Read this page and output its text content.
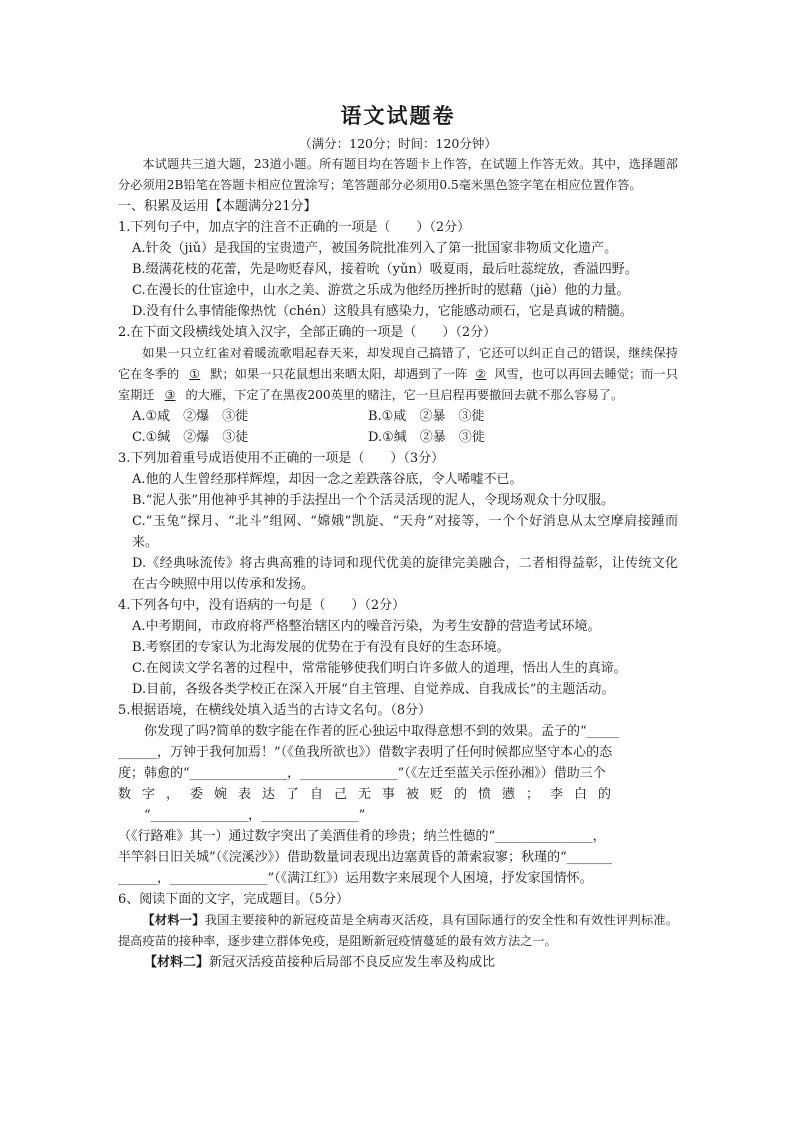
语文试题卷
（满分：120分；时间：120分钟）

本试题共三道大题，23道小题。所有题目均在答题卡上作答，在试题上作答无效。其中，选择题部分必须用2B铅笔在答题卡相应位置涂写；笔答题部分必须用0.5毫米黑色签字笔在相应位置作答。

一、积累及运用【本题满分21分】

1.下列句子中，加点字的注音不正确的一项是（　　）（2分）

A.针灸（jiǔ）是我国的宝贵遗产，被国务院批准列入了第一批国家非物质文化遗产。

B.缀满花枝的花蕾，先是吻贬春风，接着吮（yǔn）吸夏雨，最后吐蕊绽放，香溢四野。

C.在漫长的仕宦途中，山水之美、游赏之乐成为他经历挫折时的慰藉（jiè）他的力量。

D.没有什么事情能像热忱（chén）这般具有感染力，它能感动顽石，它是真诚的精髓。

2.在下面文段横线处填入汉字，全部正确的一项是（　　）（2分）

如果一只立红雀对着暖流歌唱起春天来，却发现自己搞错了，它还可以纠正自己的错误，继续保持它在冬季的 ① 默；如果一只花鼠想出来晒太阳，却遇到了一阵 ② 风雪，也可以再回去睡觉；而一只室期迁 ③ 的大雁，下定了在黑夜200英里的赌注，它一旦启程再要撤回去就不那么容易了。

A.①咸　②爆　③徙	B.①咸　②暴　③徙
C.①缄　②爆　③徒	D.①缄　②暴　③徙

3.下列加着重号成语使用不正确的一项是（　　）（3分）

A.他的人生曾经那样辉煌，却因一念之差跌落谷底，令人唏嘘不已。

B.“泥人张”用他神乎其神的手法捏出一个个活灵活现的泥人，令现场观众十分叹服。

C.“玉兔”探月、“北斗”组网、“嫦娥”凯旋、“天舟”对接等，一个个好消息从太空摩肩接踵而来。

D.《经典咏流传》将古典高雅的诗词和现代优美的旋律完美融合，二者相得益彰，让传统文化在古今映照中用以传承和发扬。

4.下列各句中，没有语病的一句是（　　）（2分）

A.中考期间，市政府将严格整治辖区内的噪音污染，为考生安静的营造考试环境。

B.考察团的专家认为北海发展的优势在于有没有良好的生态环境。

C.在阅读文学名著的过程中，常常能够使我们明白许多做人的道理，悟出人生的真谛。

D.目前，各级各类学校正在深入开展“自主管理、自觉养成、自我成长”的主题活动。

5.根据语境，在横线处填入适当的古诗文名句。（8分）

你发现了吗?简单的数字能在作者的匠心独运中取得意想不到的效果。孟子的“_____

______，万钟于我何加焉！”（《鱼我所欲也》）借数字表明了任何时候都应坚守本心的态

度；韩愈的“_______________，_______________”（《左迁至蓝关示侄孙湘》）借助三个

数字，委婉表达了自己无事被贬的愤懑；李白的

“_______________，_______________”

（《行路难》其一）通过数字突出了美酒佳肴的珍贵；纳兰性德的“_______________，

半竿斜日旧关城”（《浣溪沙》）借助数量词表现出边塞黄昏的萧索寂寥；秋瑾的“_______

______，_______________”（《满江红》）运用数字来展现个人困境，抒发家国情怀。

6、阅读下面的文字，完成题目。（5分）

【材料一】我国主要接种的新冠疫苗是全病毒灭活疫，具有国际通行的安全性和有效性评判标准。提高疫苗的接种率，逐步建立群体免疫，是阻断新冠疫情蔓延的最有效方法之一。

【材料二】新冠灭活疫苗接种后局部不良反应发生率及构成比
